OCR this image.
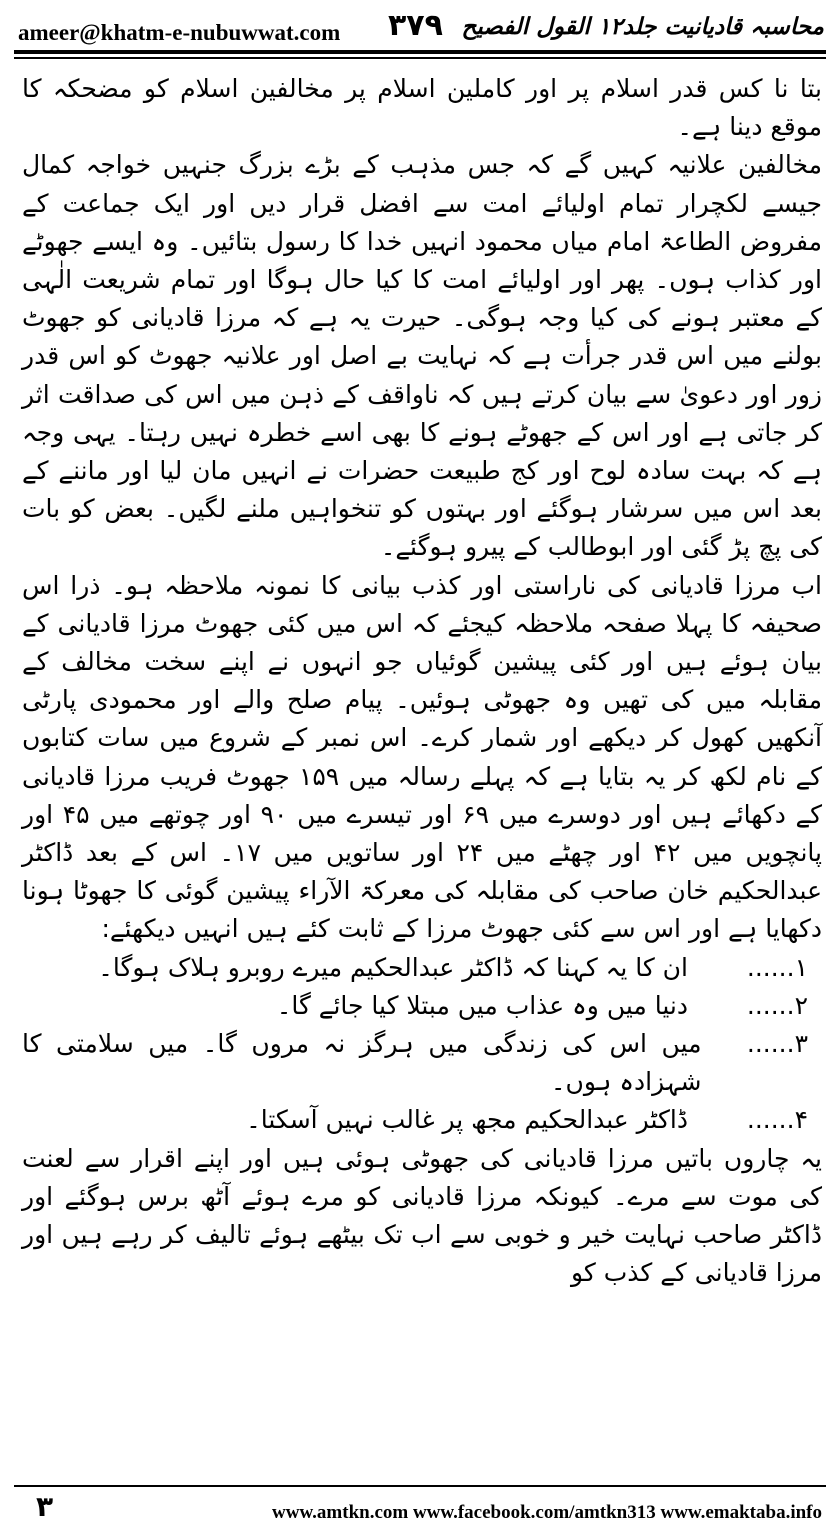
ameer@khatm-e-nubuwwat.com ۳۷۹ محاسبہ قادیانیت جلد۱۲ القول الفصیح

بتا نا کس قدر اسلام پر اور کاملین اسلام پر مخالفین اسلام کو مضحکہ کا موقع دینا ہے۔

مخالفین علانیہ کہیں گے کہ جس مذہب کے بڑے بزرگ جنہیں خواجہ کمال جیسے لکچرار تمام اولیائے امت سے افضل قرار دیں اور ایک جماعت کے مفروض الطاعۃ امام میاں محمود انہیں خدا کا رسول بتائیں۔ وہ ایسے جھوٹے اور کذاب ہوں۔ پھر اور اولیائے امت کا کیا حال ہوگا اور تمام شریعت الٰہی کے معتبر ہونے کی کیا وجہ ہوگی۔ حیرت یہ ہے کہ مرزا قادیانی کو جھوٹ بولنے میں اس قدر جرأت ہے کہ نہایت بے اصل اور علانیہ جھوٹ کو اس قدر زور اور دعویٰ سے بیان کرتے ہیں کہ ناواقف کے ذہن میں اس کی صداقت اثر کر جاتی ہے اور اس کے جھوٹے ہونے کا بھی اسے خطرہ نہیں رہتا۔ یہی وجہ ہے کہ بہت سادہ لوح اور کج طبیعت حضرات نے انہیں مان لیا اور ماننے کے بعد اس میں سرشار ہوگئے اور بہتوں کو تنخواہیں ملنے لگیں۔ بعض کو بات کی پچ پڑ گئی اور ابوطالب کے پیرو ہوگئے۔

اب مرزا قادیانی کی ناراستی اور کذب بیانی کا نمونہ ملاحظہ ہو۔ ذرا اس صحیفہ کا پہلا صفحہ ملاحظہ کیجئے کہ اس میں کئی جھوٹ مرزا قادیانی کے بیان ہوئے ہیں اور کئی پیشین گوئیاں جو انہوں نے اپنے سخت مخالف کے مقابلہ میں کی تھیں وہ جھوٹی ہوئیں۔ پیام صلح والے اور محمودی پارٹی آنکھیں کھول کر دیکھے اور شمار کرے۔ اس نمبر کے شروع میں سات کتابوں کے نام لکھ کر یہ بتایا ہے کہ پہلے رسالہ میں ۱۵۹ جھوٹ فریب مرزا قادیانی کے دکھائے ہیں اور دوسرے میں ۶۹ اور تیسرے میں ۹۰ اور چوتھے میں ۴۵ اور پانچویں میں ۴۲ اور چھٹے میں ۲۴ اور ساتویں میں ۱۷۔ اس کے بعد ڈاکٹر عبدالحکیم خان صاحب کی مقابلہ کی معرکۃ الآراء پیشین گوئی کا جھوٹا ہونا دکھایا ہے اور اس سے کئی جھوٹ مرزا کے ثابت کئے ہیں انہیں دیکھئے:

۱......
ان کا یہ کہنا کہ ڈاکٹر عبدالحکیم میرے روبرو ہلاک ہوگا۔
۲......
دنیا میں وہ عذاب میں مبتلا کیا جائے گا۔
۳......
میں اس کی زندگی میں ہرگز نہ مروں گا۔ میں سلامتی کا شہزادہ ہوں۔
۴......
ڈاکٹر عبدالحکیم مجھ پر غالب نہیں آسکتا۔

یہ چاروں باتیں مرزا قادیانی کی جھوٹی ہوئی ہیں اور اپنے اقرار سے لعنت کی موت سے مرے۔ کیونکہ مرزا قادیانی کو مرے ہوئے آٹھ برس ہوگئے اور ڈاکٹر صاحب نہایت خیر و خوبی سے اب تک بیٹھے ہوئے تالیف کر رہے ہیں اور مرزا قادیانی کے کذب کو

۳	www.amtkn.com www.facebook.com/amtkn313 www.emaktaba.info
